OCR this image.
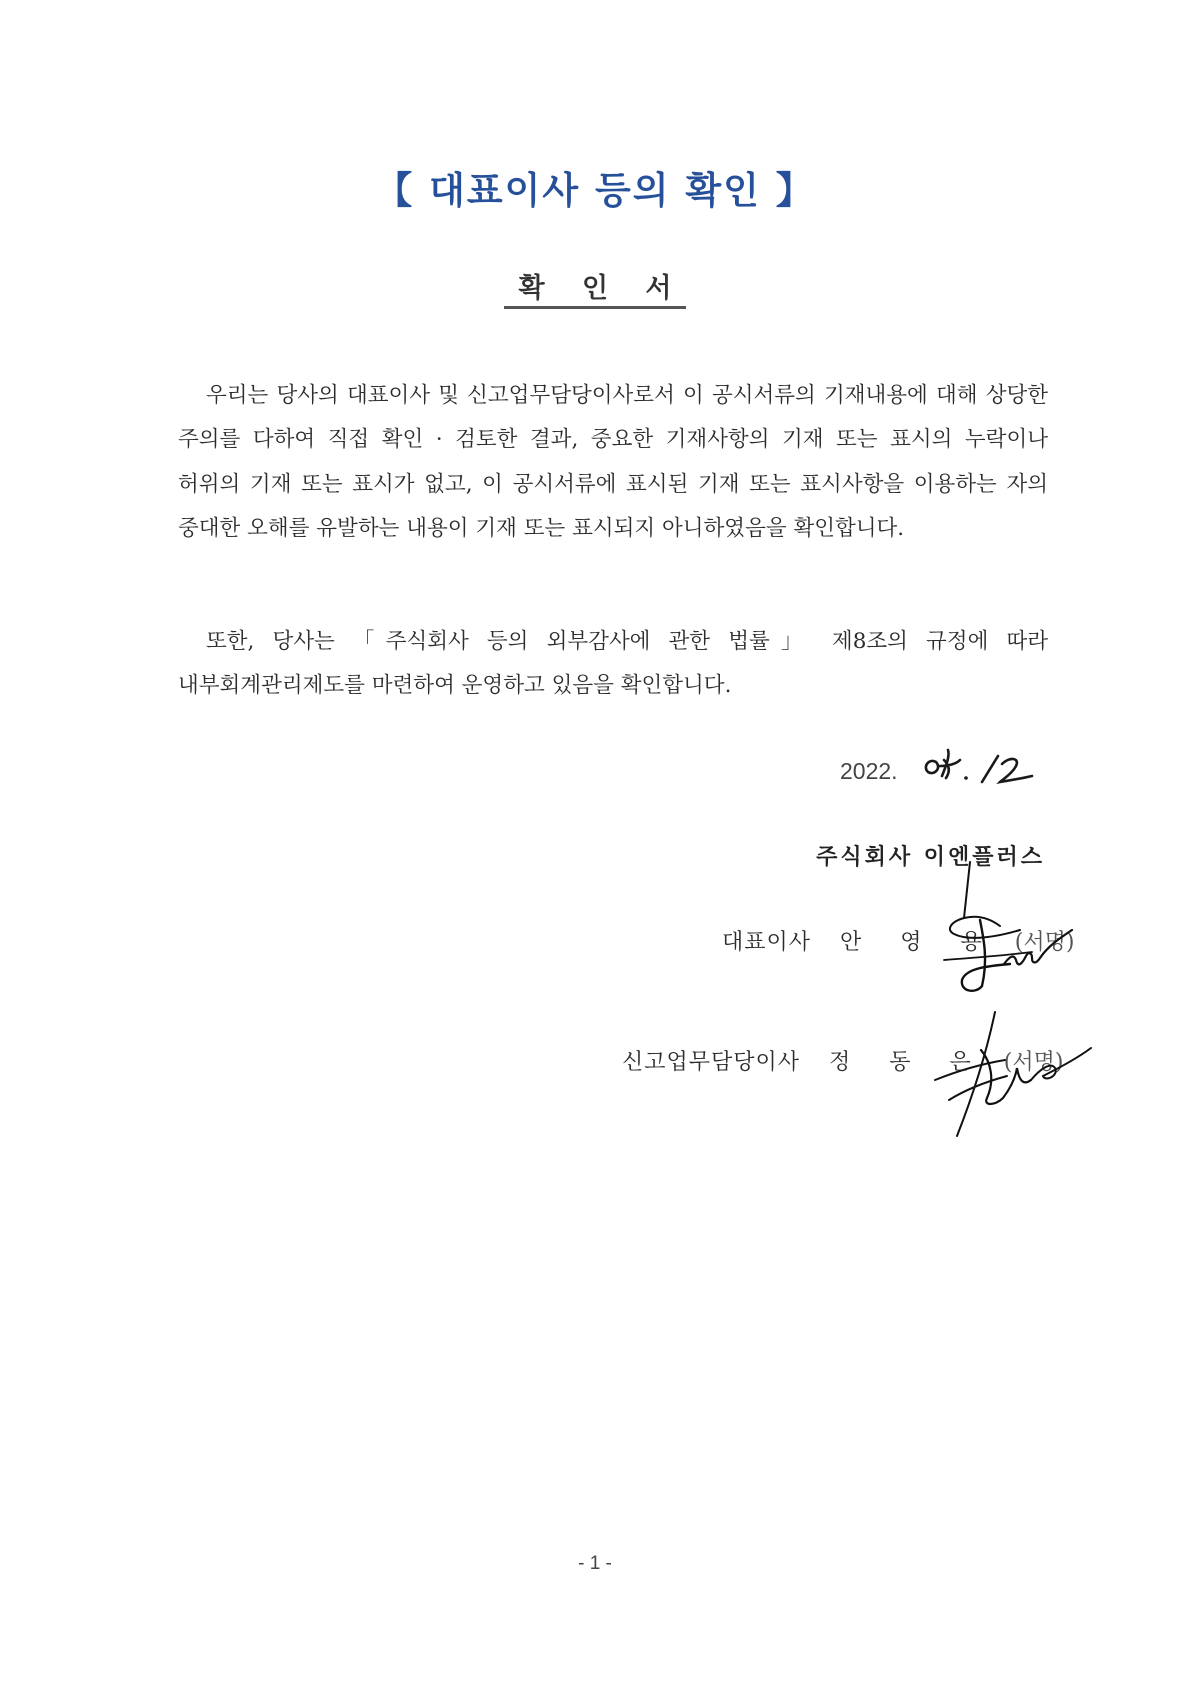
【 대표이사 등의 확인 】
확 인 서

우리는 당사의 대표이사 및 신고업무담당이사로서 이 공시서류의 기재내용에 대해 상당한 주의를 다하여 직접 확인 · 검토한 결과, 중요한 기재사항의 기재 또는 표시의 누락이나 허위의 기재 또는 표시가 없고, 이 공시서류에 표시된 기재 또는 표시사항을 이용하는 자의 중대한 오해를 유발하는 내용이 기재 또는 표시되지 아니하였음을 확인합니다.

또한, 당사는 「주식회사 등의 외부감사에 관한 법률」 제8조의 규정에 따라 내부회계관리제도를 마련하여 운영하고 있음을 확인합니다.

2022.
주식회사 이엔플러스
대표이사 안 영 용 (서명)
신고업무담당이사 정 동 은 (서명)
- 1 -
